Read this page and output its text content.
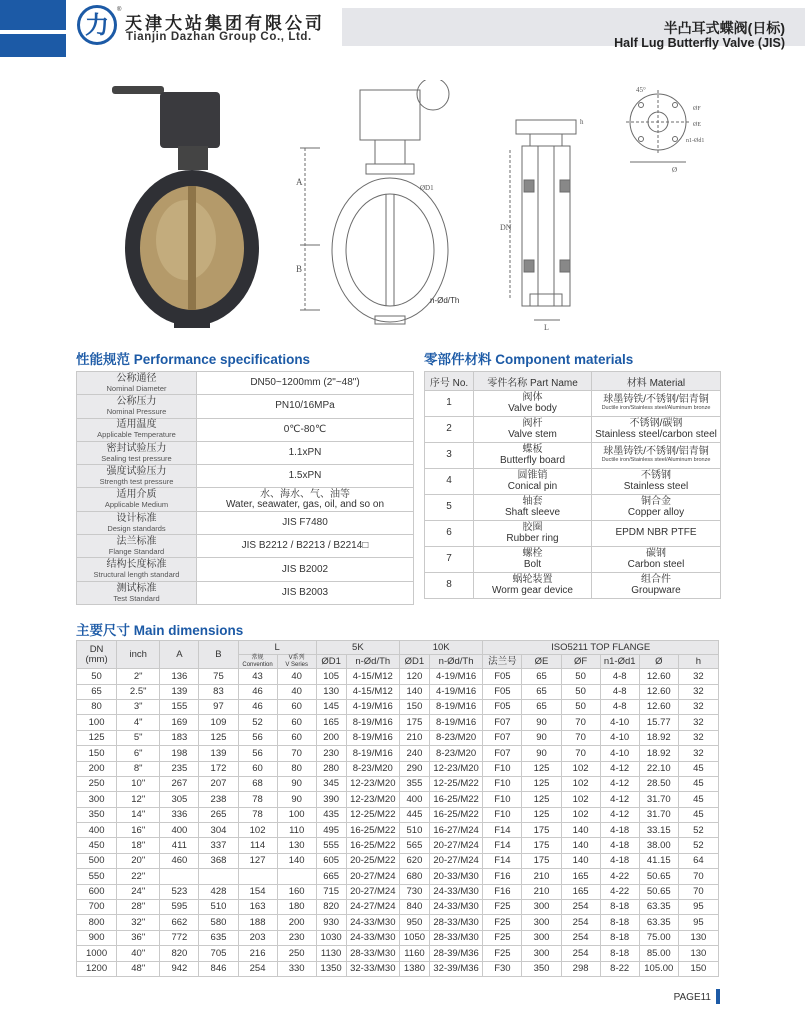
力
®
天津大站集团有限公司
Tianjin Dazhan Group Co., Ltd.
半凸耳式蝶阀(日标)
Half Lug Butterfly Valve (JIS)
A
B
ØD1
n-Ød/Th
h
DN
L
45°
ØF
ØE
n1-Ød1
Ø
性能规范 Performance specifications	零部件材料 Component materials
主要尺寸 Main dimensions
公称通径
Nominal Diameter	DN50~1200mm (2"~48")

公称压力
Nominal Pressure	PN10/16MPa

适用温度
Applicable Temperature	0℃-80℃

密封试验压力
Sealing test pressure	1.1xPN

强度试验压力
Strength test pressure	1.5xPN

适用介质
Applicable Medium	水、海水、气、油等
Water, seawater, gas, oil, and so on

设计标准
Design standards	JIS F7480

法兰标准
Flange Standard	JIS B2212 / B2213 / B2214□

结构长度标准
Structural length standard	JIS B2002

测试标准
Test Standard	JIS B2003
序号 No.	零件名称 Part Name	材料 Material
1	阀体
Valve body	球墨铸铁/不锈钢/铝青铜
Ductile iron/Stainless steel/Aluminum bronze

2	阀杆
Valve stem	不锈钢/碳钢
Stainless steel/carbon steel

3	蝶板
Butterfly board	球墨铸铁/不锈钢/铝青铜
Ductile iron/Stainless steel/Aluminum bronze

4	圆锥销
Conical pin	不锈钢
Stainless steel

5	轴套
Shaft sleeve	铜合金
Copper alloy

6	胶圈
Rubber ring	EPDM NBR PTFE

7	螺栓
Bolt	碳钢
Carbon steel

8	蜗轮装置
Worm gear device	组合件
Groupware
DN
(mm)	inch	A	B	L		5K		10K		ISO5211 TOP FLANGE					

				常规
Convention	V系列
V Series	ØD1	n-Ød/Th	ØD1	n-Ød/Th	法兰号	ØE	ØF	n1-Ød1	Ø	h
50	2"	136	75	43	40	105	4-15/M12	120	4-19/M16	F05	65	50	4-8	12.60	32
65	2.5"	139	83	46	40	130	4-15/M12	140	4-19/M16	F05	65	50	4-8	12.60	32
80	3"	155	97	46	60	145	4-19/M16	150	8-19/M16	F05	65	50	4-8	12.60	32
100	4"	169	109	52	60	165	8-19/M16	175	8-19/M16	F07	90	70	4-10	15.77	32
125	5"	183	125	56	60	200	8-19/M16	210	8-23/M20	F07	90	70	4-10	18.92	32
150	6"	198	139	56	70	230	8-19/M16	240	8-23/M20	F07	90	70	4-10	18.92	32
200	8"	235	172	60	80	280	8-23/M20	290	12-23/M20	F10	125	102	4-12	22.10	45
250	10"	267	207	68	90	345	12-23/M20	355	12-25/M22	F10	125	102	4-12	28.50	45
300	12"	305	238	78	90	390	12-23/M20	400	16-25/M22	F10	125	102	4-12	31.70	45
350	14"	336	265	78	100	435	12-25/M22	445	16-25/M22	F10	125	102	4-12	31.70	45
400	16"	400	304	102	110	495	16-25/M22	510	16-27/M24	F14	175	140	4-18	33.15	52
450	18"	411	337	114	130	555	16-25/M22	565	20-27/M24	F14	175	140	4-18	38.00	52
500	20"	460	368	127	140	605	20-25/M22	620	20-27/M24	F14	175	140	4-18	41.15	64
550	22"					665	20-27/M24	680	20-33/M30	F16	210	165	4-22	50.65	70
600	24"	523	428	154	160	715	20-27/M24	730	24-33/M30	F16	210	165	4-22	50.65	70
700	28"	595	510	163	180	820	24-27/M24	840	24-33/M30	F25	300	254	8-18	63.35	95
800	32"	662	580	188	200	930	24-33/M30	950	28-33/M30	F25	300	254	8-18	63.35	95
900	36"	772	635	203	230	1030	24-33/M30	1050	28-33/M30	F25	300	254	8-18	75.00	130
1000	40"	820	705	216	250	1130	28-33/M30	1160	28-39/M36	F25	300	254	8-18	85.00	130
1200	48"	942	846	254	330	1350	32-33/M30	1380	32-39/M36	F30	350	298	8-22	105.00	150
PAGE11
